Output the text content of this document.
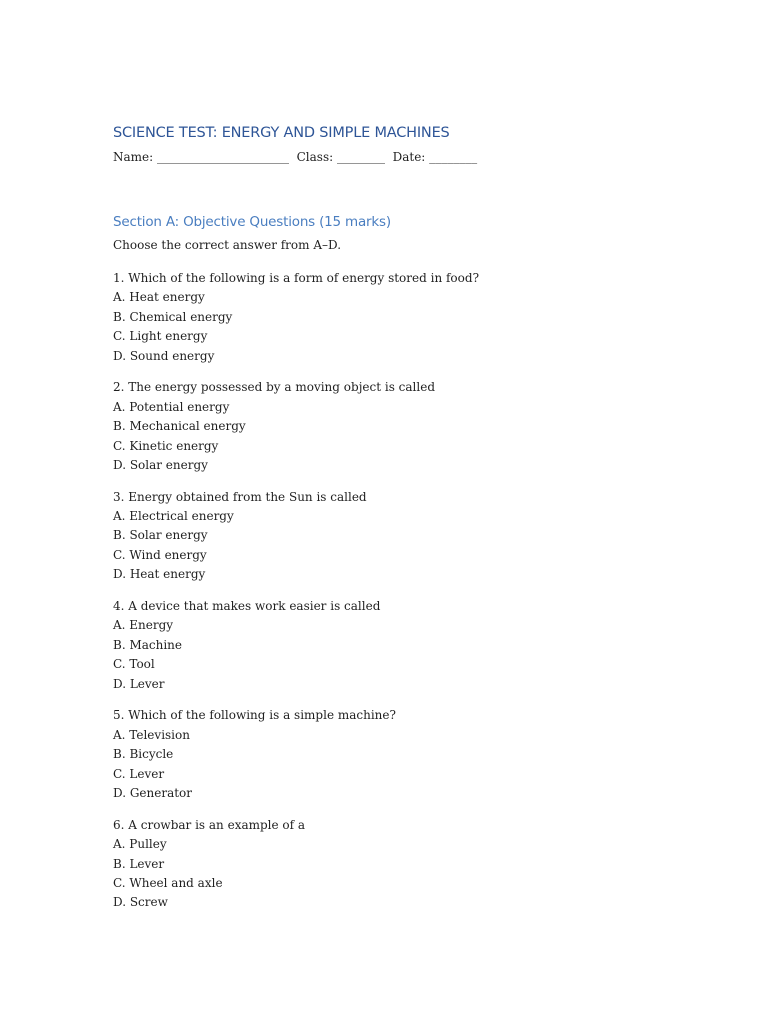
SCIENCE TEST: ENERGY AND SIMPLE MACHINES
Name: ______________________  Class: ________  Date: ________
Section A: Objective Questions (15 marks)
Choose the correct answer from A–D.
1. Which of the following is a form of energy stored in food?
A. Heat energy
B. Chemical energy
C. Light energy
D. Sound energy
2. The energy possessed by a moving object is called
A. Potential energy
B. Mechanical energy
C. Kinetic energy
D. Solar energy
3. Energy obtained from the Sun is called
A. Electrical energy
B. Solar energy
C. Wind energy
D. Heat energy
4. A device that makes work easier is called
A. Energy
B. Machine
C. Tool
D. Lever
5. Which of the following is a simple machine?
A. Television
B. Bicycle
C. Lever
D. Generator
6. A crowbar is an example of a
A. Pulley
B. Lever
C. Wheel and axle
D. Screw
